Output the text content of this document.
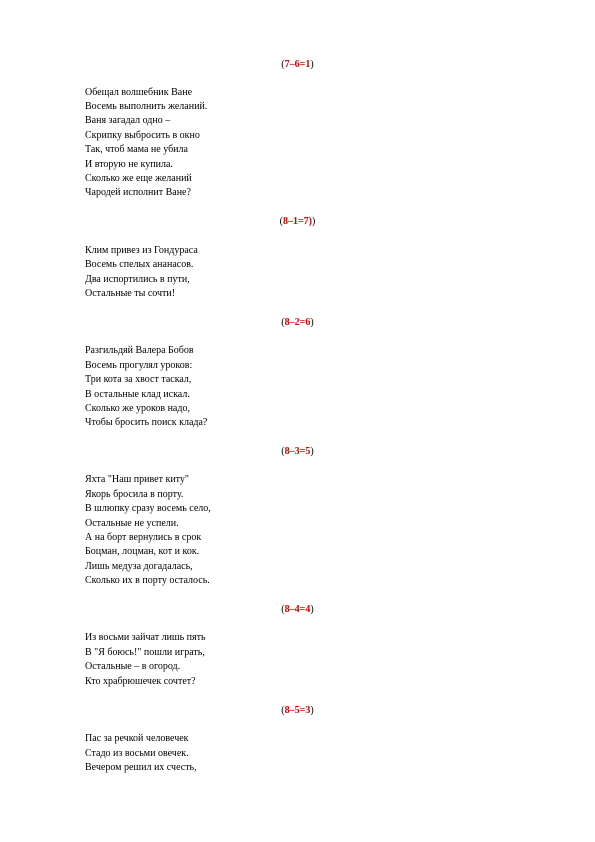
(7–6=1)
Обещал волшебник Ване
Восемь выполнить желаний.
Ваня загадал одно –
Скрипку выбросить в окно
Так, чтоб мама не убила
И вторую не купила.
Сколько же еще желаний
Чародей исполнит Ване?
(8–1=7))
Клим привез из Гондураса
Восемь спелых ананасов.
Два испортились в пути,
Остальные ты сочти!
(8–2=6)
Разгильдяй Валера Бобов
Восемь прогулял уроков:
Три кота за хвост таскал,
В остальные клад искал.
Сколько же уроков надо,
Чтобы бросить поиск клада?
(8–3=5)
Яхта "Наш привет киту"
Якорь бросила в порту.
В шлюпку сразу восемь село,
Остальные не успели.
А на борт вернулись в срок
Боцман, лоцман, кот и кок.
Лишь медуза догадалась,
Сколько их в порту осталось.
(8–4=4)
Из восьми зайчат лишь пять
В "Я боюсь!" пошли играть,
Остальные – в огород.
Кто храбрюшечек сочтет?
(8–5=3)
Пас за речкой человечек
Стадо из восьми овечек.
Вечером решил их счесть,
